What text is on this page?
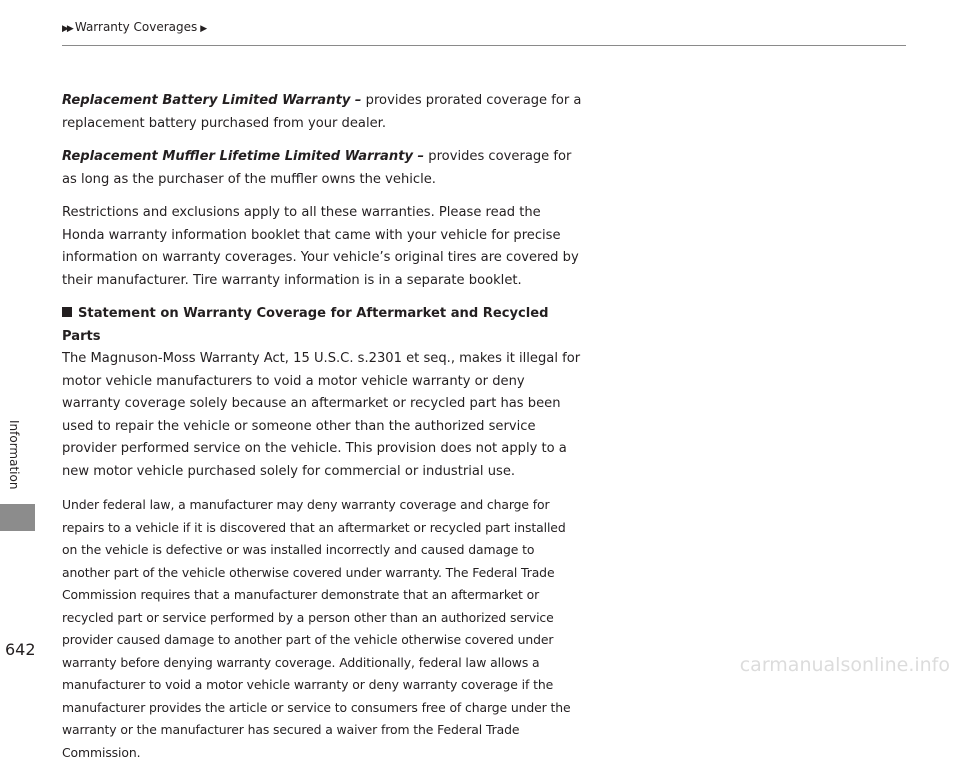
▶▶ Warranty Coverages ▶
Information
642

Replacement Battery Limited Warranty – provides prorated coverage for a replacement battery purchased from your dealer.

Replacement Muffler Lifetime Limited Warranty – provides coverage for as long as the purchaser of the muffler owns the vehicle.

Restrictions and exclusions apply to all these warranties. Please read the Honda warranty information booklet that came with your vehicle for precise information on warranty coverages. Your vehicle’s original tires are covered by their manufacturer. Tire warranty information is in a separate booklet.

Statement on Warranty Coverage for Aftermarket and Recycled Parts

The Magnuson-Moss Warranty Act, 15 U.S.C. s.2301 et seq., makes it illegal for motor vehicle manufacturers to void a motor vehicle warranty or deny warranty coverage solely because an aftermarket or recycled part has been used to repair the vehicle or someone other than the authorized service provider performed service on the vehicle. This provision does not apply to a new motor vehicle purchased solely for commercial or industrial use.

Under federal law, a manufacturer may deny warranty coverage and charge for repairs to a vehicle if it is discovered that an aftermarket or recycled part installed on the vehicle is defective or was installed incorrectly and caused damage to another part of the vehicle otherwise covered under warranty. The Federal Trade Commission requires that a manufacturer demonstrate that an aftermarket or recycled part or service performed by a person other than an authorized service provider caused damage to another part of the vehicle otherwise covered under warranty before denying warranty coverage. Additionally, federal law allows a manufacturer to void a motor vehicle warranty or deny warranty coverage if the manufacturer provides the article or service to consumers free of charge under the warranty or the manufacturer has secured a waiver from the Federal Trade Commission.

carmanualsonline.info
